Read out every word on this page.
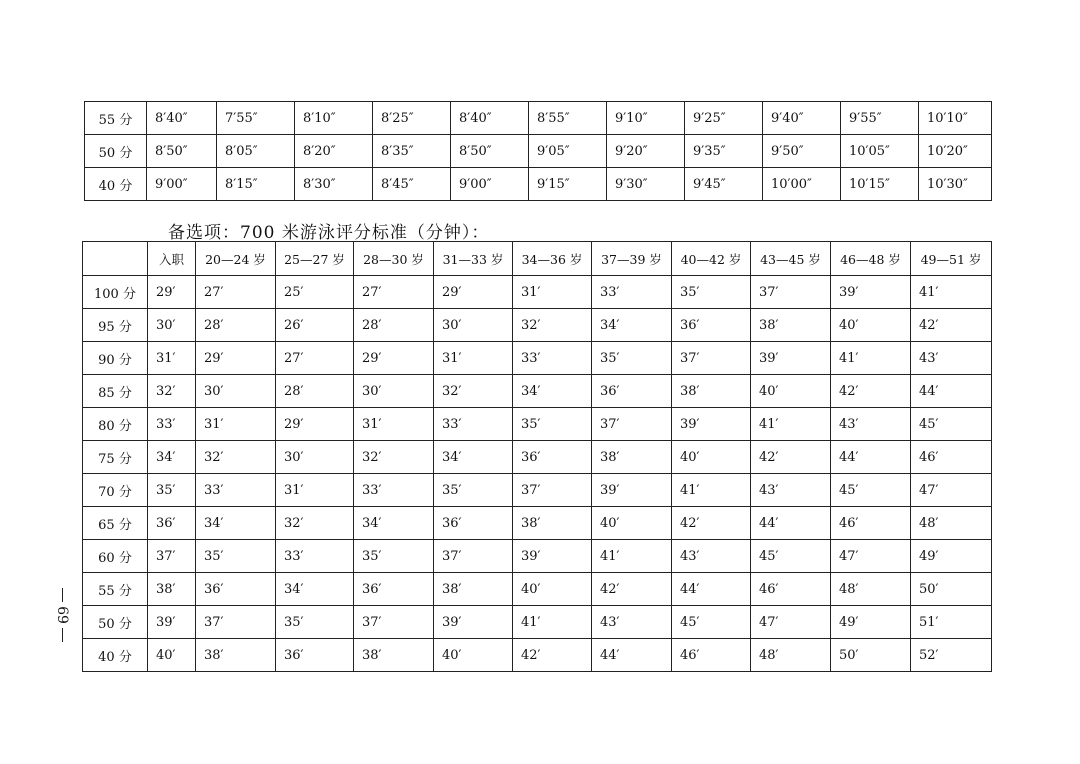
55 分	8′40″	7′55″	8′10″	8′25″	8′40″	8′55″	9′10″	9′25″	9′40″	9′55″	10′10″
50 分	8′50″	8′05″	8′20″	8′35″	8′50″	9′05″	9′20″	9′35″	9′50″	10′05″	10′20″
40 分	9′00″	8′15″	8′30″	8′45″	9′00″	9′15″	9′30″	9′45″	10′00″	10′15″	10′30″
备选项：700 米游泳评分标准（分钟）：
	入职	20—24 岁	25—27 岁	28—30 岁	31—33 岁	34—36 岁	37—39 岁	40—42 岁	43—45 岁	46—48 岁	49—51 岁
100 分	29′	27′	25′	27′	29′	31′	33′	35′	37′	39′	41′
95 分	30′	28′	26′	28′	30′	32′	34′	36′	38′	40′	42′
90 分	31′	29′	27′	29′	31′	33′	35′	37′	39′	41′	43′
85 分	32′	30′	28′	30′	32′	34′	36′	38′	40′	42′	44′
80 分	33′	31′	29′	31′	33′	35′	37′	39′	41′	43′	45′
75 分	34′	32′	30′	32′	34′	36′	38′	40′	42′	44′	46′
70 分	35′	33′	31′	33′	35′	37′	39′	41′	43′	45′	47′
65 分	36′	34′	32′	34′	36′	38′	40′	42′	44′	46′	48′
60 分	37′	35′	33′	35′	37′	39′	41′	43′	45′	47′	49′
55 分	38′	36′	34′	36′	38′	40′	42′	44′	46′	48′	50′
50 分	39′	37′	35′	37′	39′	41′	43′	45′	47′	49′	51′
40 分	40′	38′	36′	38′	40′	42′	44′	46′	48′	50′	52′
69
